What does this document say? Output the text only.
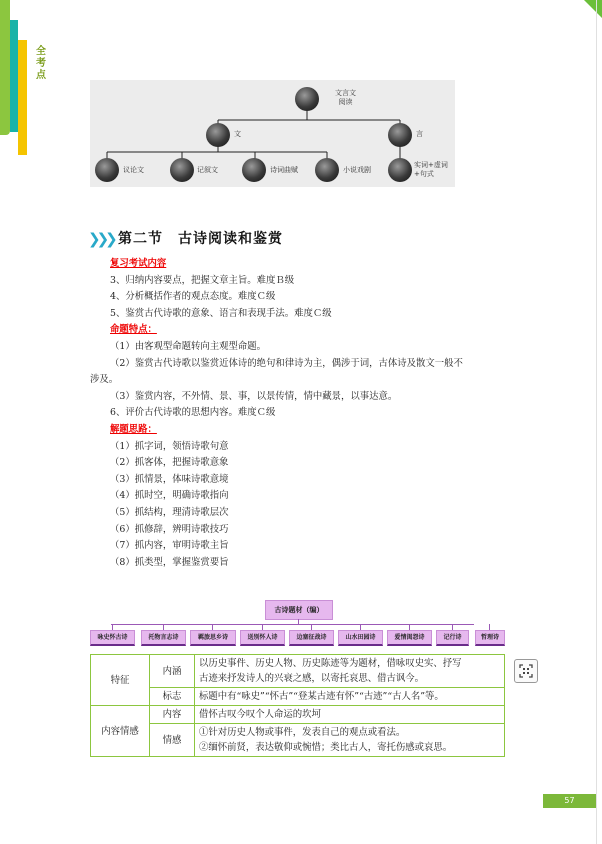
全
考
点
文言文
阅读
文	言
议论文	记叙文	诗词曲赋	小说戏剧
实词+虚词
+句式
❯❯❯ 第二节　古诗阅读和鉴赏
复习考试内容
3、归纳内容要点，把握文章主旨。难度Ｂ级
4、分析概括作者的观点态度。难度Ｃ级
5、鉴赏古代诗歌的意象、语言和表现手法。难度Ｃ级
命题特点：
（1）由客观型命题转向主观型命题。
（2）鉴赏古代诗歌以鉴赏近体诗的绝句和律诗为主，偶涉于词，古体诗及散文一般不
涉及。
（3）鉴赏内容，不外情、景、事，以景传情，情中藏景，以事达意。
6、评价古代诗歌的思想内容。难度Ｃ级
解题思路：
（1）抓字词，领悟诗歌句意
（2）抓客体，把握诗歌意象
（3）抓情景，体味诗歌意境
（4）抓时空，明确诗歌指向
（5）抓结构，理清诗歌层次
（6）抓修辞，辨明诗歌技巧
（7）抓内容，审明诗歌主旨
（8）抓类型，掌握鉴赏要旨
古诗题材（编）
咏史怀古诗	托物言志诗	羁旅思乡诗	送别怀人诗	边塞征战诗	山水田园诗	爱情闺怨诗	记行诗	哲理诗
特征	内涵	以历史事件、历史人物、历史陈迹等为题材，借咏叹史实、抒写
古迹来抒发诗人的兴衰之感，以寄托哀思、借古讽今。

	标志	标题中有“咏史”“怀古”“登某古迹有怀”“古迹”“古人名”等。
内容情感	内容	借怀古叹今叹个人命运的坎坷
	情感	①针对历史人物或事件，发表自己的观点或看法。
②缅怀前贤，表达敬仰或惋惜；类比古人，寄托伤感或哀思。
57
